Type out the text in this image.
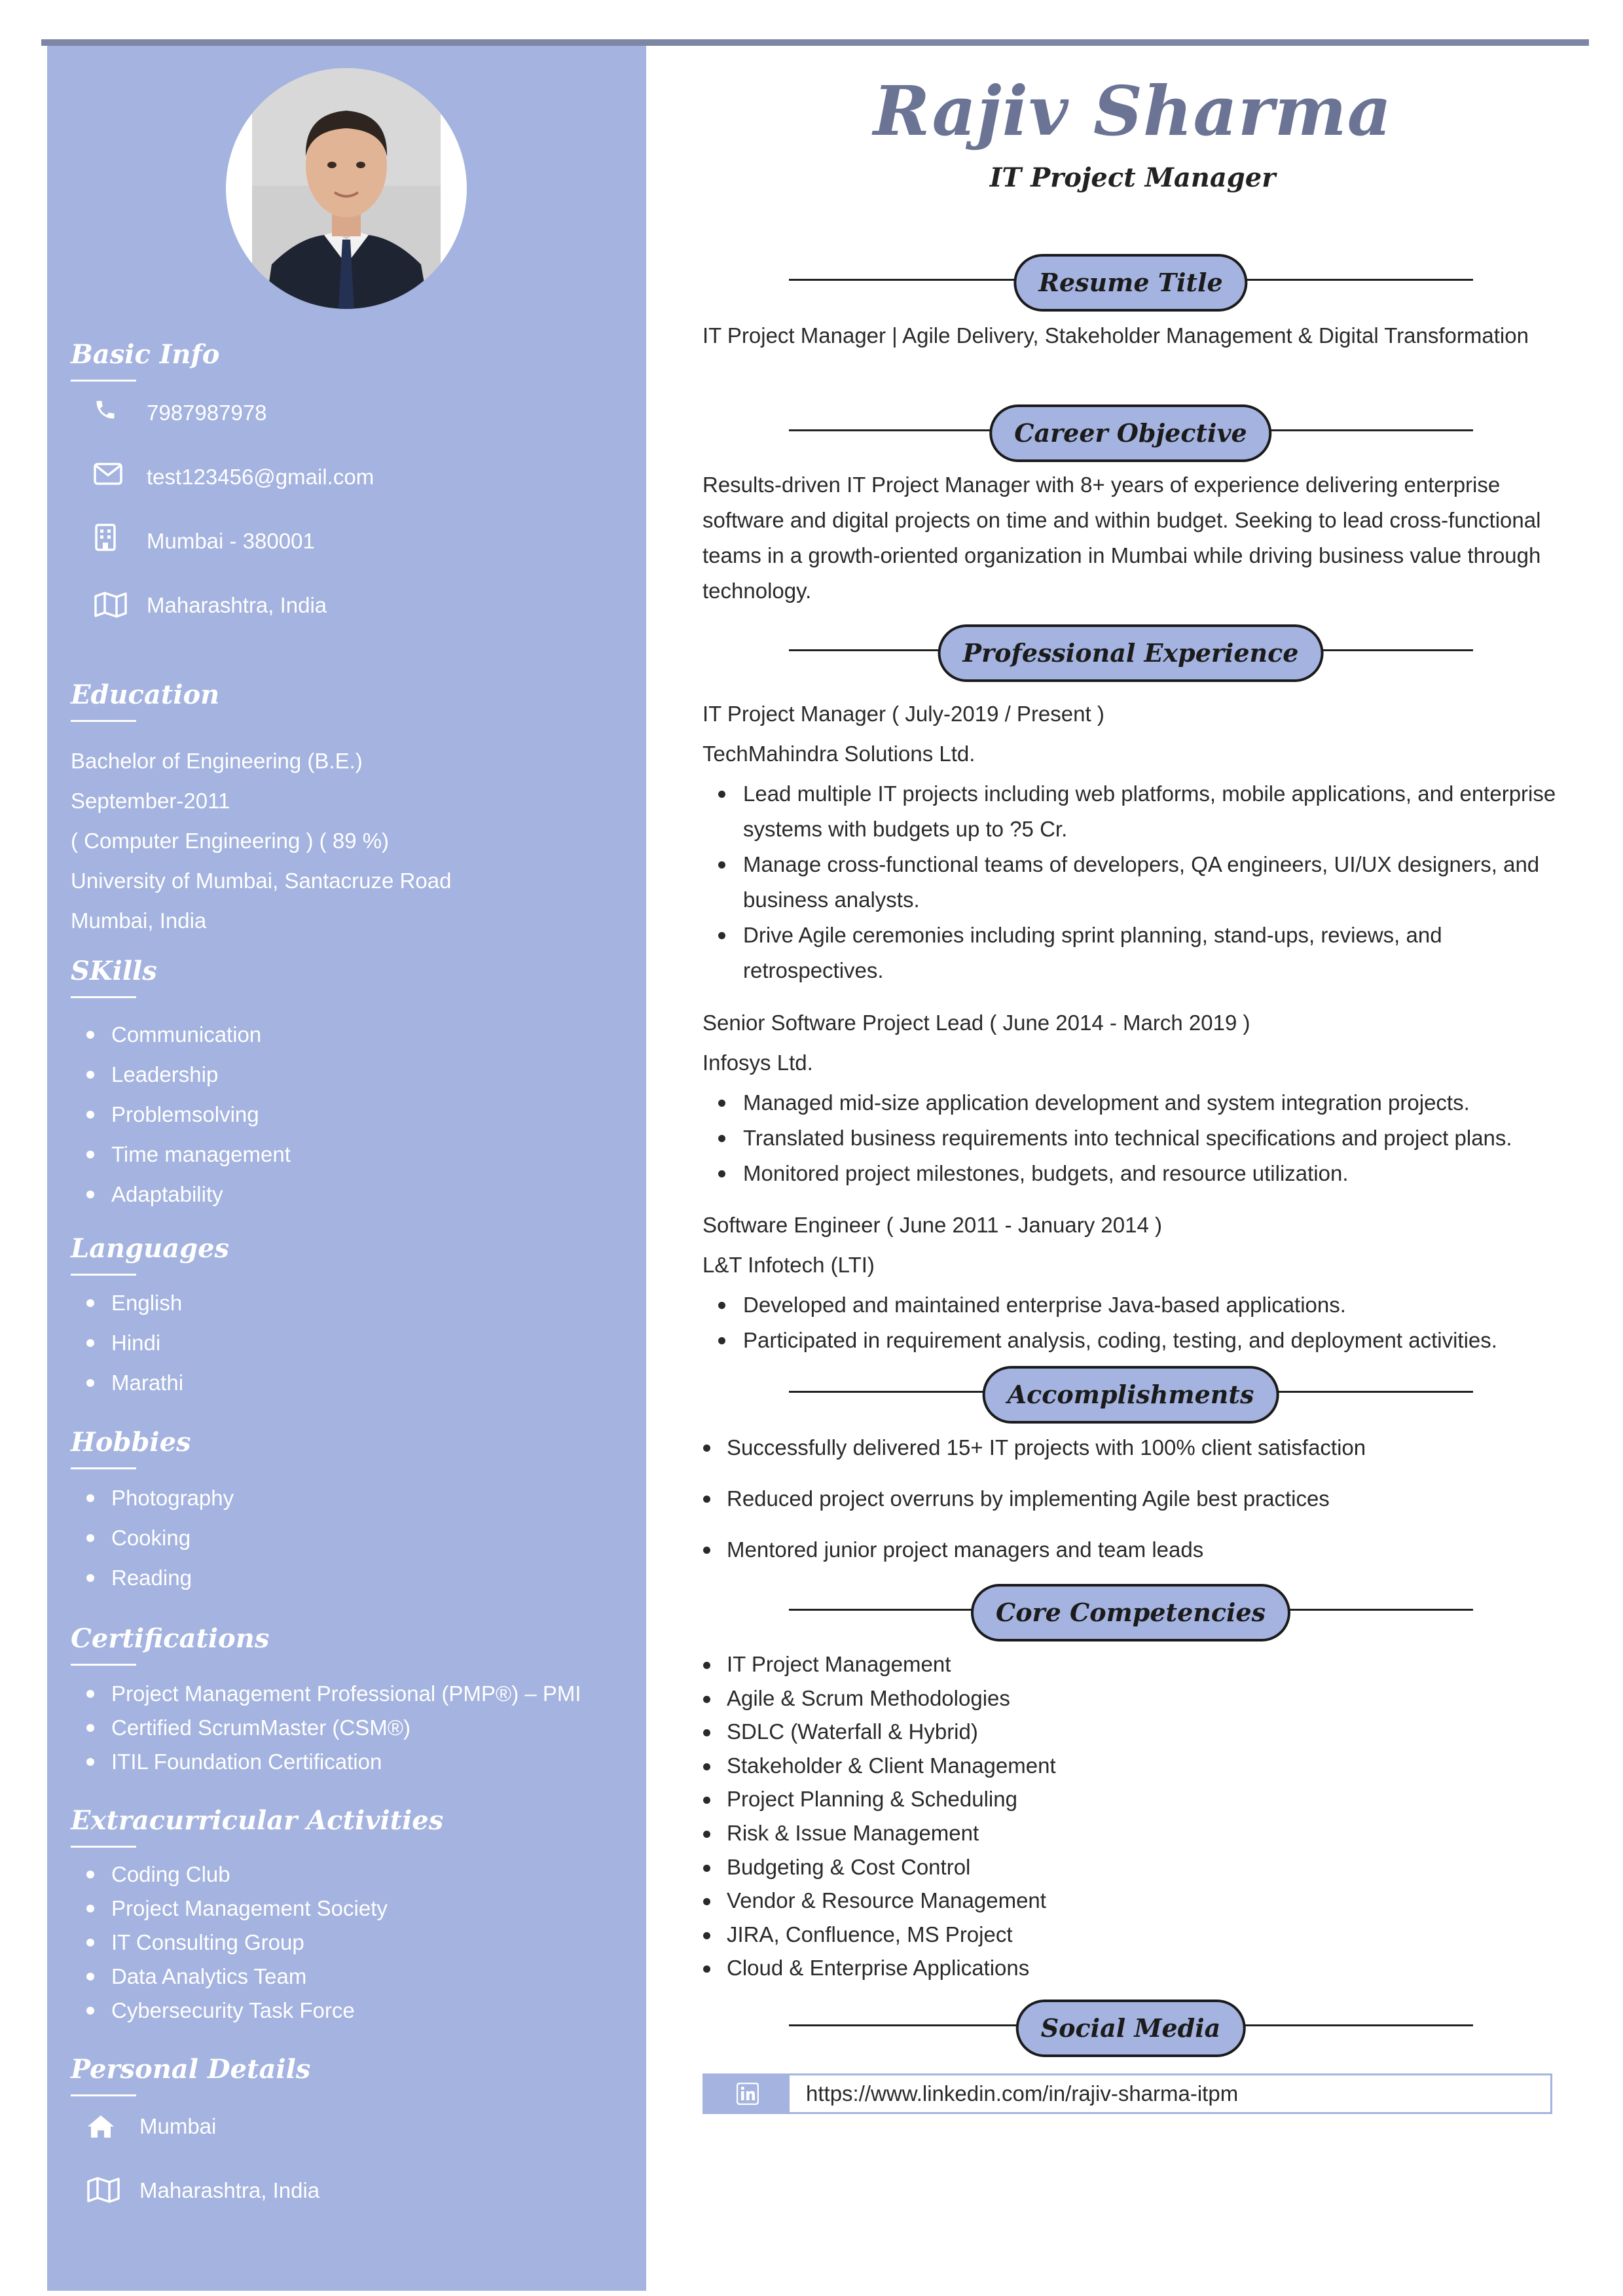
Basic Info
7987987978
test123456@gmail.com
Mumbai - 380001
Maharashtra, India
Education
Bachelor of Engineering (B.E.)
September-2011
( Computer Engineering ) ( 89 %)
University of Mumbai, Santacruze Road
Mumbai, India
SKills
Communication
Leadership
Problemsolving
Time management
Adaptability
Languages
English
Hindi
Marathi
Hobbies
Photography
Cooking
Reading
Certifications
Project Management Professional (PMP®) – PMI
Certified ScrumMaster (CSM®)
ITIL Foundation Certification
Extracurricular Activities
Coding Club
Project Management Society
IT Consulting Group
Data Analytics Team
Cybersecurity Task Force
Personal Details
Mumbai
Maharashtra, India
Rajiv Sharma
IT Project Manager
Resume Title
IT Project Manager | Agile Delivery, Stakeholder Management & Digital Transformation
Career Objective
Results-driven IT Project Manager with 8+ years of experience delivering enterprise software and digital projects on time and within budget. Seeking to lead cross-functional teams in a growth-oriented organization in Mumbai while driving business value through technology.
Professional Experience
IT Project Manager ( July-2019 / Present )
TechMahindra Solutions Ltd.
Lead multiple IT projects including web platforms, mobile applications, and enterprise systems with budgets up to ?5 Cr.
Manage cross-functional teams of developers, QA engineers, UI/UX designers, and business analysts.
Drive Agile ceremonies including sprint planning, stand-ups, reviews, and retrospectives.
Senior Software Project Lead ( June 2014 - March 2019 )
Infosys Ltd.
Managed mid-size application development and system integration projects.
Translated business requirements into technical specifications and project plans.
Monitored project milestones, budgets, and resource utilization.
Software Engineer ( June 2011 - January 2014 )
L&T Infotech (LTI)
Developed and maintained enterprise Java-based applications.
Participated in requirement analysis, coding, testing, and deployment activities.
Accomplishments
Successfully delivered 15+ IT projects with 100% client satisfaction
Reduced project overruns by implementing Agile best practices
Mentored junior project managers and team leads
Core Competencies
IT Project Management
Agile & Scrum Methodologies
SDLC (Waterfall & Hybrid)
Stakeholder & Client Management
Project Planning & Scheduling
Risk & Issue Management
Budgeting & Cost Control
Vendor & Resource Management
JIRA, Confluence, MS Project
Cloud & Enterprise Applications
Social Media
https://www.linkedin.com/in/rajiv-sharma-itpm
